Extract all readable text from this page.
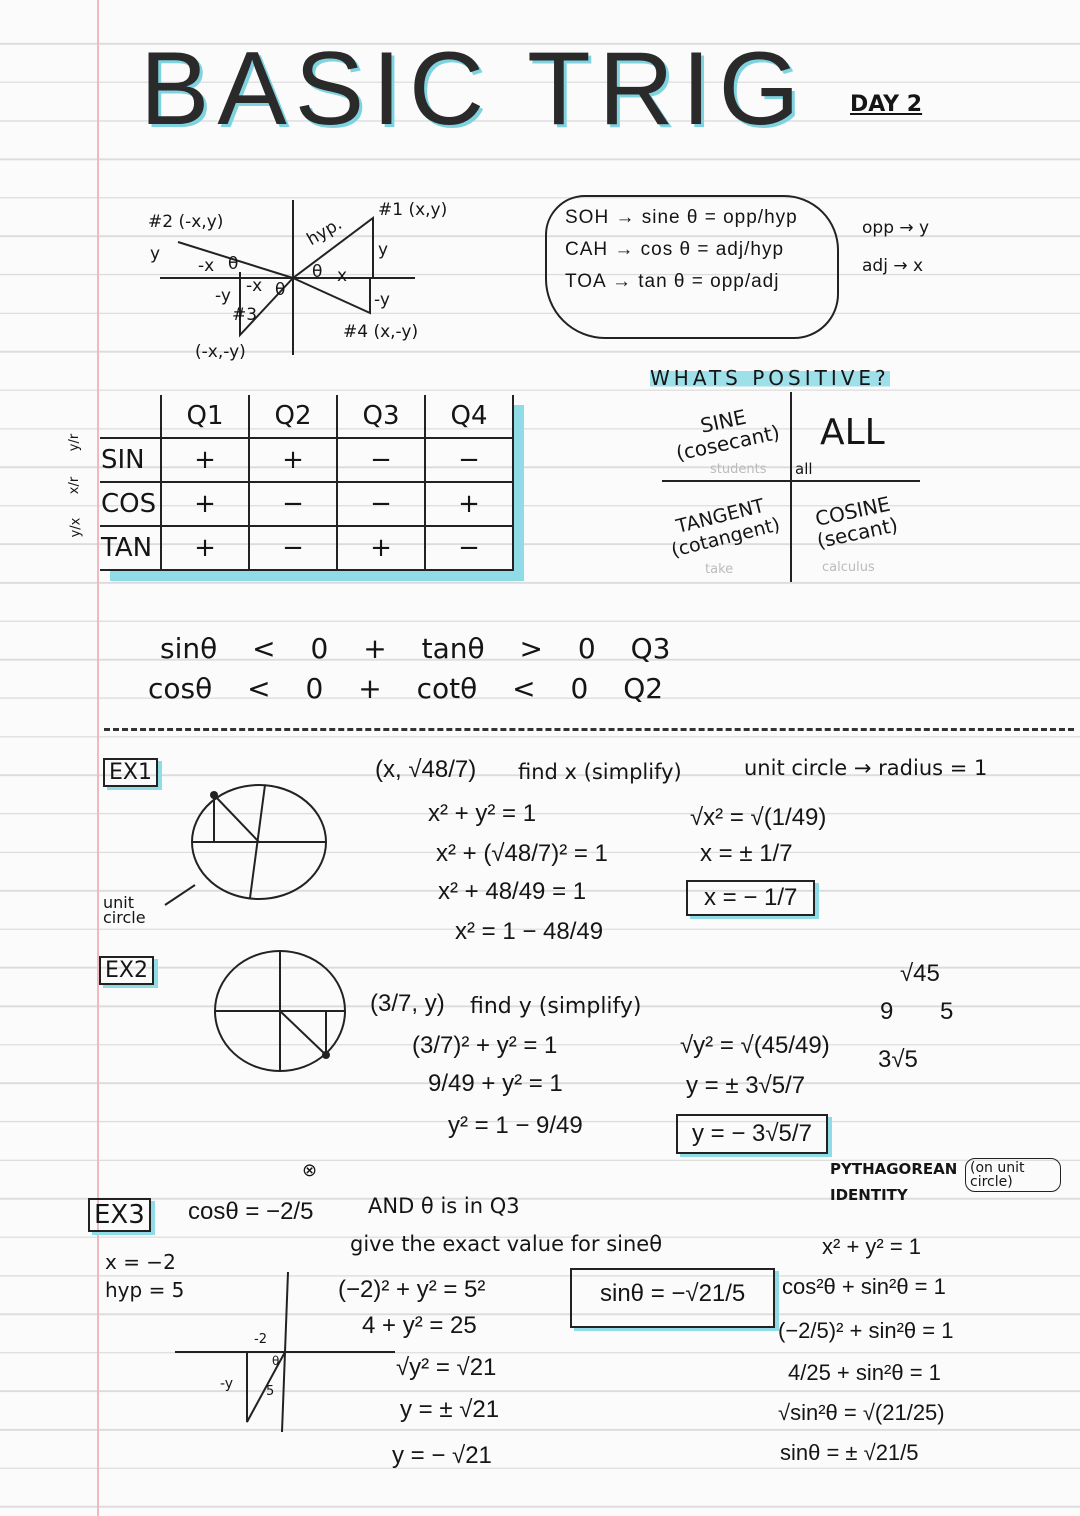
BASIC TRIG DAY 2
#2 (-x,y)
#1 (x,y)
(-x,-y)
#4 (x,-y)
#3
hyp.
y
-y
-y
x
-x
-x
θ
θ
θ
y
SOH → sine θ = opp/hyp
CAH → cos θ = adj/hyp
TOA → tan θ = opp/adj
opp → y
adj → x
y/r
x/r
y/x
	Q1	Q2	Q3	Q4
SIN	+	+	−	−
COS	+	−	−	+
TAN	+	−	+	−
WHATS POSITIVE?
SINE (cosecant)
students
ALL
all
TANGENT (cotangent)
take
COSINE (secant)
calculus
sinθ < 0 + tanθ > 0 Q3
cosθ < 0 + cotθ < 0 Q2
EX1
unit circle
(x, √48/7) find x (simplify)	unit circle → radius = 1
x² + y² = 1
x² + (√48/7)² = 1
x² + 48/49 = 1
x² = 1 − 48/49
√x² = √(1/49)
x = ± 1/7
x = − 1/7
EX2
(3/7, y) find y (simplify)
(3/7)² + y² = 1
9/49 + y² = 1
y² = 1 − 9/49
√y² = √(45/49)
y = ± 3√5/7
y = − 3√5/7
√45
9 5
3√5
PYTHAGOREAN IDENTITY
(on unit circle)
x² + y² = 1
cos²θ + sin²θ = 1
(−2/5)² + sin²θ = 1
4/25 + sin²θ = 1
√sin²θ = √(21/25)
sinθ = ± √21/5
⊗
EX3 cosθ = −2/5	AND θ is in Q3
give the exact value for sineθ
x = −2
hyp = 5
-2
-y	5
θ
(−2)² + y² = 5²
4 + y² = 25
√y² = √21
y = ± √21
y = − √21
sinθ = −√21/5
